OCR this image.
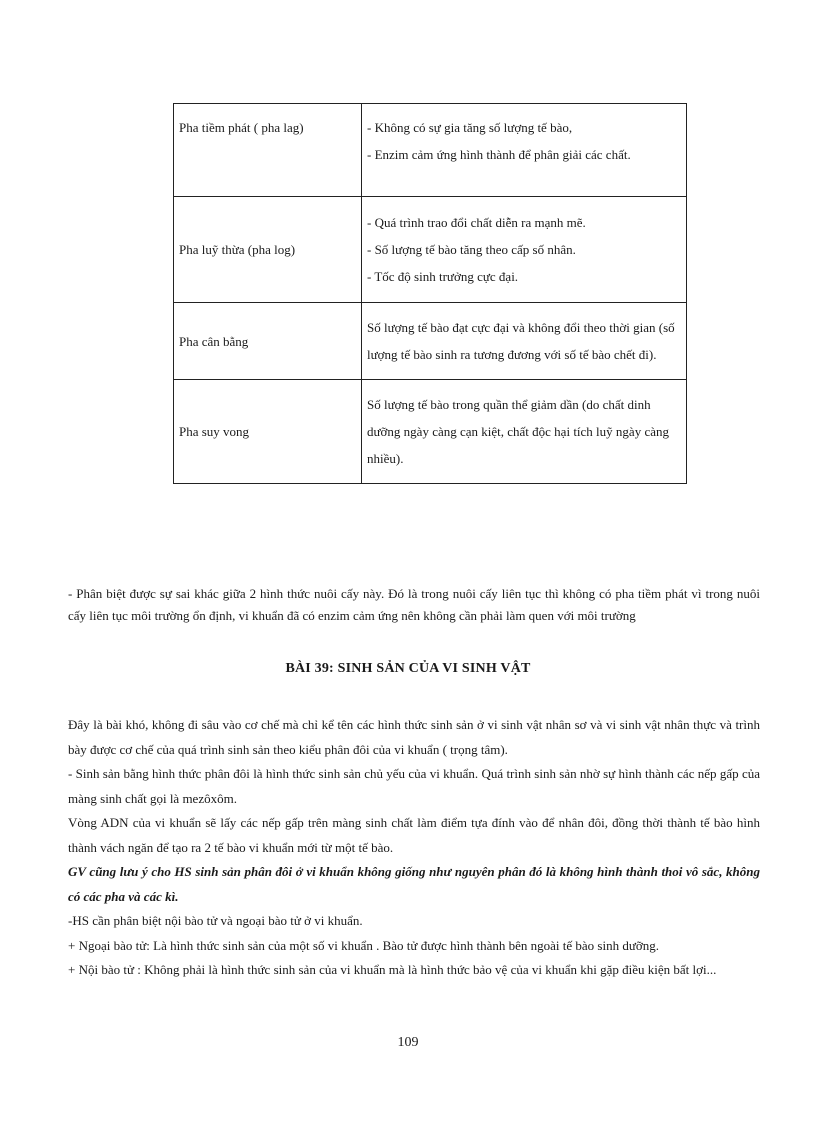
Pha tiềm phát ( pha lag)	- Không có sự gia tăng số lượng tế bào,
- Enzim cảm ứng hình thành để phân giải các chất.

Pha luỹ thừa (pha log)	- Quá trình trao đổi chất diễn ra mạnh mẽ.
- Số lượng tế bào tăng theo cấp số nhân.
- Tốc độ sinh trưởng cực đại.

Pha cân bằng	Số lượng tế bào đạt cực đại và không đổi theo thời gian (số lượng tế bào sinh ra tương đương với số tế bào chết đi).

Pha suy vong	Số lượng tế bào trong quần thể giảm dần (do chất dinh dưỡng ngày càng cạn kiệt, chất độc hại tích luỹ ngày càng nhiều).
- Phân biệt được sự sai khác giữa 2 hình thức nuôi cấy này. Đó là trong nuôi cấy liên tục thì không có pha tiềm phát vì trong nuôi cấy liên tục môi trường ổn định, vi khuẩn đã có enzim cảm ứng nên không cần phải làm quen với môi trường
BÀI 39: SINH SẢN CỦA VI SINH VẬT

Đây là bài khó, không đi sâu vào cơ chế mà chỉ kể tên các hình thức sinh sản ở vi sinh vật nhân sơ và vi sinh vật nhân thực và trình bày được cơ chế của quá trình sinh sản theo kiểu phân đôi của vi khuẩn ( trọng tâm).

- Sinh sản bằng hình thức phân đôi là hình thức sinh sản chủ yếu của vi khuẩn. Quá trình sinh sản nhờ sự hình thành các nếp gấp của màng sinh chất gọi là mezôxôm.

Vòng ADN của vi khuẩn sẽ lấy các nếp gấp trên màng sinh chất làm điểm tựa đính vào để nhân đôi, đồng thời thành tế bào hình thành vách ngăn để tạo ra 2 tế bào vi khuẩn mới từ một tế bào.

GV cũng lưu ý cho HS sinh sản phân đôi ở vi khuẩn không giống như nguyên phân đó là không hình thành thoi vô sắc, không có các pha và các kì.

-HS cần phân biệt nội bào tử và ngoại bào tử ở vi khuẩn.

+ Ngoại bào tử: Là hình thức sinh sản của một số vi khuẩn . Bào tử được hình thành bên ngoài tế bào sinh dưỡng.

+ Nội bào tử : Không phải là hình thức sinh sản của vi khuẩn mà là hình thức bảo vệ của vi khuẩn khi gặp điều kiện bất lợi...

109
